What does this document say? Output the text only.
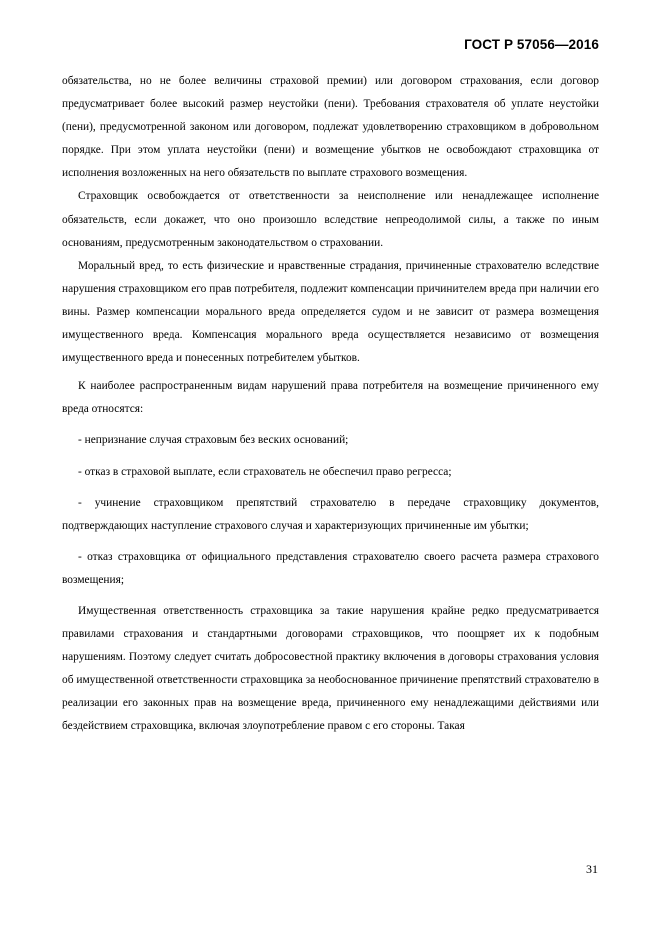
ГОСТ Р 57056—2016

обязательства, но не более величины страховой премии) или договором страхования, если договор предусматривает более высокий размер неустойки (пени). Требования страхователя об уплате неустойки (пени), предусмотренной законом или договором, подлежат удовлетворению страховщиком в добровольном порядке. При этом уплата неустойки (пени) и возмещение убытков не освобождают страховщика от исполнения возложенных на него обязательств по выплате страхового возмещения.

Страховщик освобождается от ответственности за неисполнение или ненадлежащее исполнение обязательств, если докажет, что оно произошло вследствие непреодолимой силы, а также по иным основаниям, предусмотренным законодательством о страховании.

Моральный вред, то есть физические и нравственные страдания, причиненные страхователю вследствие нарушения страховщиком его прав потребителя, подлежит компенсации причинителем вреда при наличии его вины. Размер компенсации морального вреда определяется судом и не зависит от размера возмещения имущественного вреда. Компенсация морального вреда осуществляется независимо от возмещения имущественного вреда и понесенных потребителем убытков.

К наиболее распространенным видам нарушений права потребителя на возмещение причиненного ему вреда относятся:

- непризнание случая страховым без веских оснований;

- отказ в страховой выплате, если страхователь не обеспечил право регресса;

- учинение страховщиком препятствий страхователю в передаче страховщику документов, подтверждающих наступление страхового случая и характеризующих причиненные им убытки;

- отказ страховщика от официального представления страхователю своего расчета размера страхового возмещения;

Имущественная ответственность страховщика за такие нарушения крайне редко предусматривается правилами страхования и стандартными договорами страховщиков, что поощряет их к подобным нарушениям. Поэтому следует считать добросовестной практику включения в договоры страхования условия об имущественной ответственности страховщика за необоснованное причинение препятствий страхователю в реализации его законных прав на возмещение вреда, причиненного ему ненадлежащими действиями или бездействием страховщика, включая злоупотребление правом с его стороны. Такая

31
